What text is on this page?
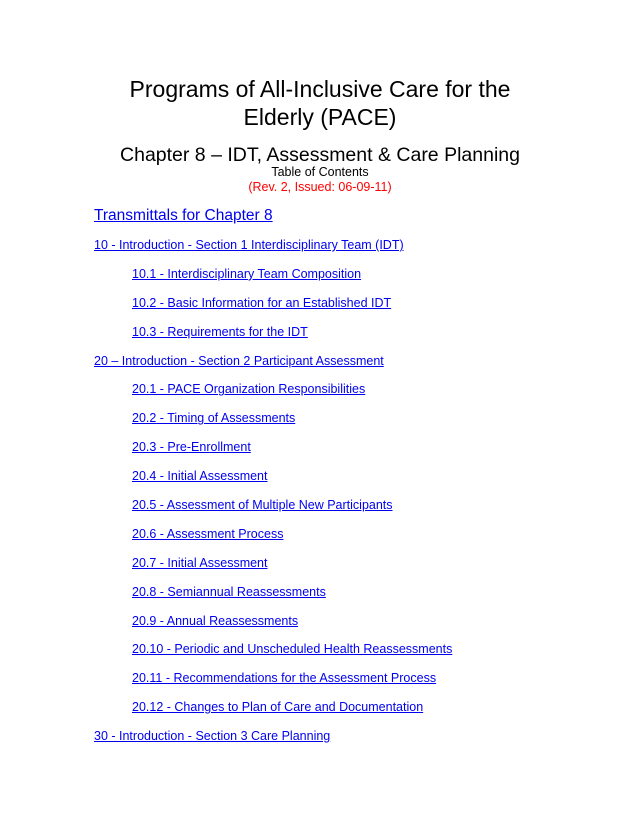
Programs of All-Inclusive Care for the
Elderly (PACE)
Chapter 8 – IDT, Assessment & Care Planning
Table of Contents
(Rev. 2, Issued: 06-09-11)
Transmittals for Chapter 8
10 - Introduction - Section 1 Interdisciplinary Team (IDT)
10.1 - Interdisciplinary Team Composition
10.2 - Basic Information for an Established IDT
10.3 - Requirements for the IDT
20 – Introduction - Section 2 Participant Assessment
20.1 - PACE Organization Responsibilities
20.2 - Timing of Assessments
20.3 - Pre-Enrollment
20.4 - Initial Assessment
20.5 - Assessment of Multiple New Participants
20.6 - Assessment Process
20.7 - Initial Assessment
20.8 - Semiannual Reassessments
20.9 - Annual Reassessments
20.10 - Periodic and Unscheduled Health Reassessments
20.11 - Recommendations for the Assessment Process
20.12 - Changes to Plan of Care and Documentation
30 - Introduction - Section 3 Care Planning
